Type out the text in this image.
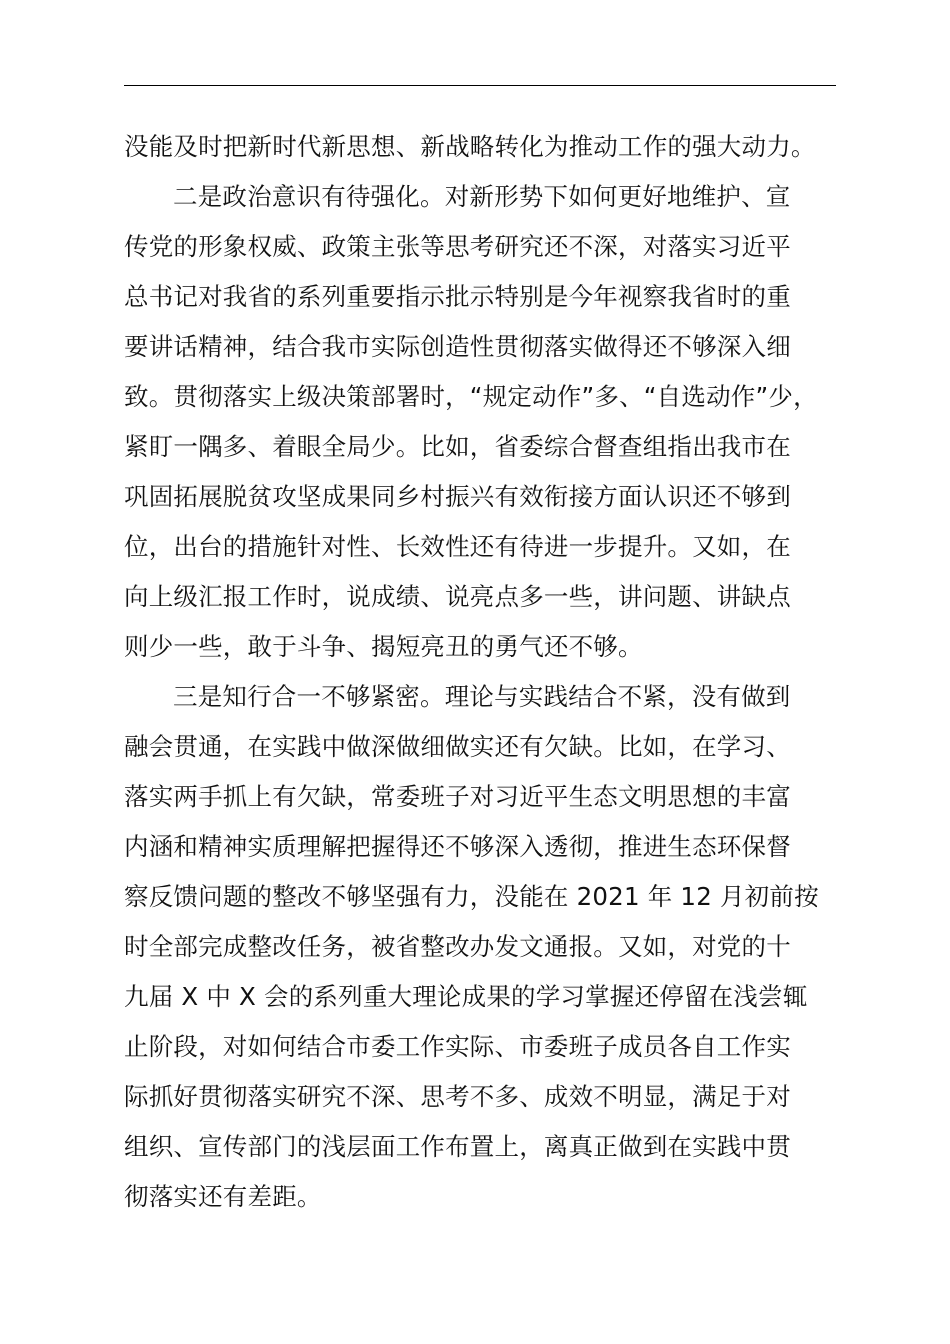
没能及时把新时代新思想、新战略转化为推动工作的强大动力。
二是政治意识有待强化。对新形势下如何更好地维护、宣
传党的形象权威、政策主张等思考研究还不深，对落实习近平
总书记对我省的系列重要指示批示特别是今年视察我省时的重
要讲话精神，结合我市实际创造性贯彻落实做得还不够深入细
致。贯彻落实上级决策部署时，“规定动作”多、“自选动作”少，
紧盯一隅多、着眼全局少。比如，省委综合督查组指出我市在
巩固拓展脱贫攻坚成果同乡村振兴有效衔接方面认识还不够到
位，出台的措施针对性、长效性还有待进一步提升。又如，在
向上级汇报工作时，说成绩、说亮点多一些，讲问题、讲缺点
则少一些，敢于斗争、揭短亮丑的勇气还不够。
三是知行合一不够紧密。理论与实践结合不紧，没有做到
融会贯通，在实践中做深做细做实还有欠缺。比如，在学习、
落实两手抓上有欠缺，常委班子对习近平生态文明思想的丰富
内涵和精神实质理解把握得还不够深入透彻，推进生态环保督
察反馈问题的整改不够坚强有力，没能在 2021 年 12 月初前按
时全部完成整改任务，被省整改办发文通报。又如，对党的十
九届 X 中 X 会的系列重大理论成果的学习掌握还停留在浅尝辄
止阶段，对如何结合市委工作实际、市委班子成员各自工作实
际抓好贯彻落实研究不深、思考不多、成效不明显，满足于对
组织、宣传部门的浅层面工作布置上，离真正做到在实践中贯
彻落实还有差距。
